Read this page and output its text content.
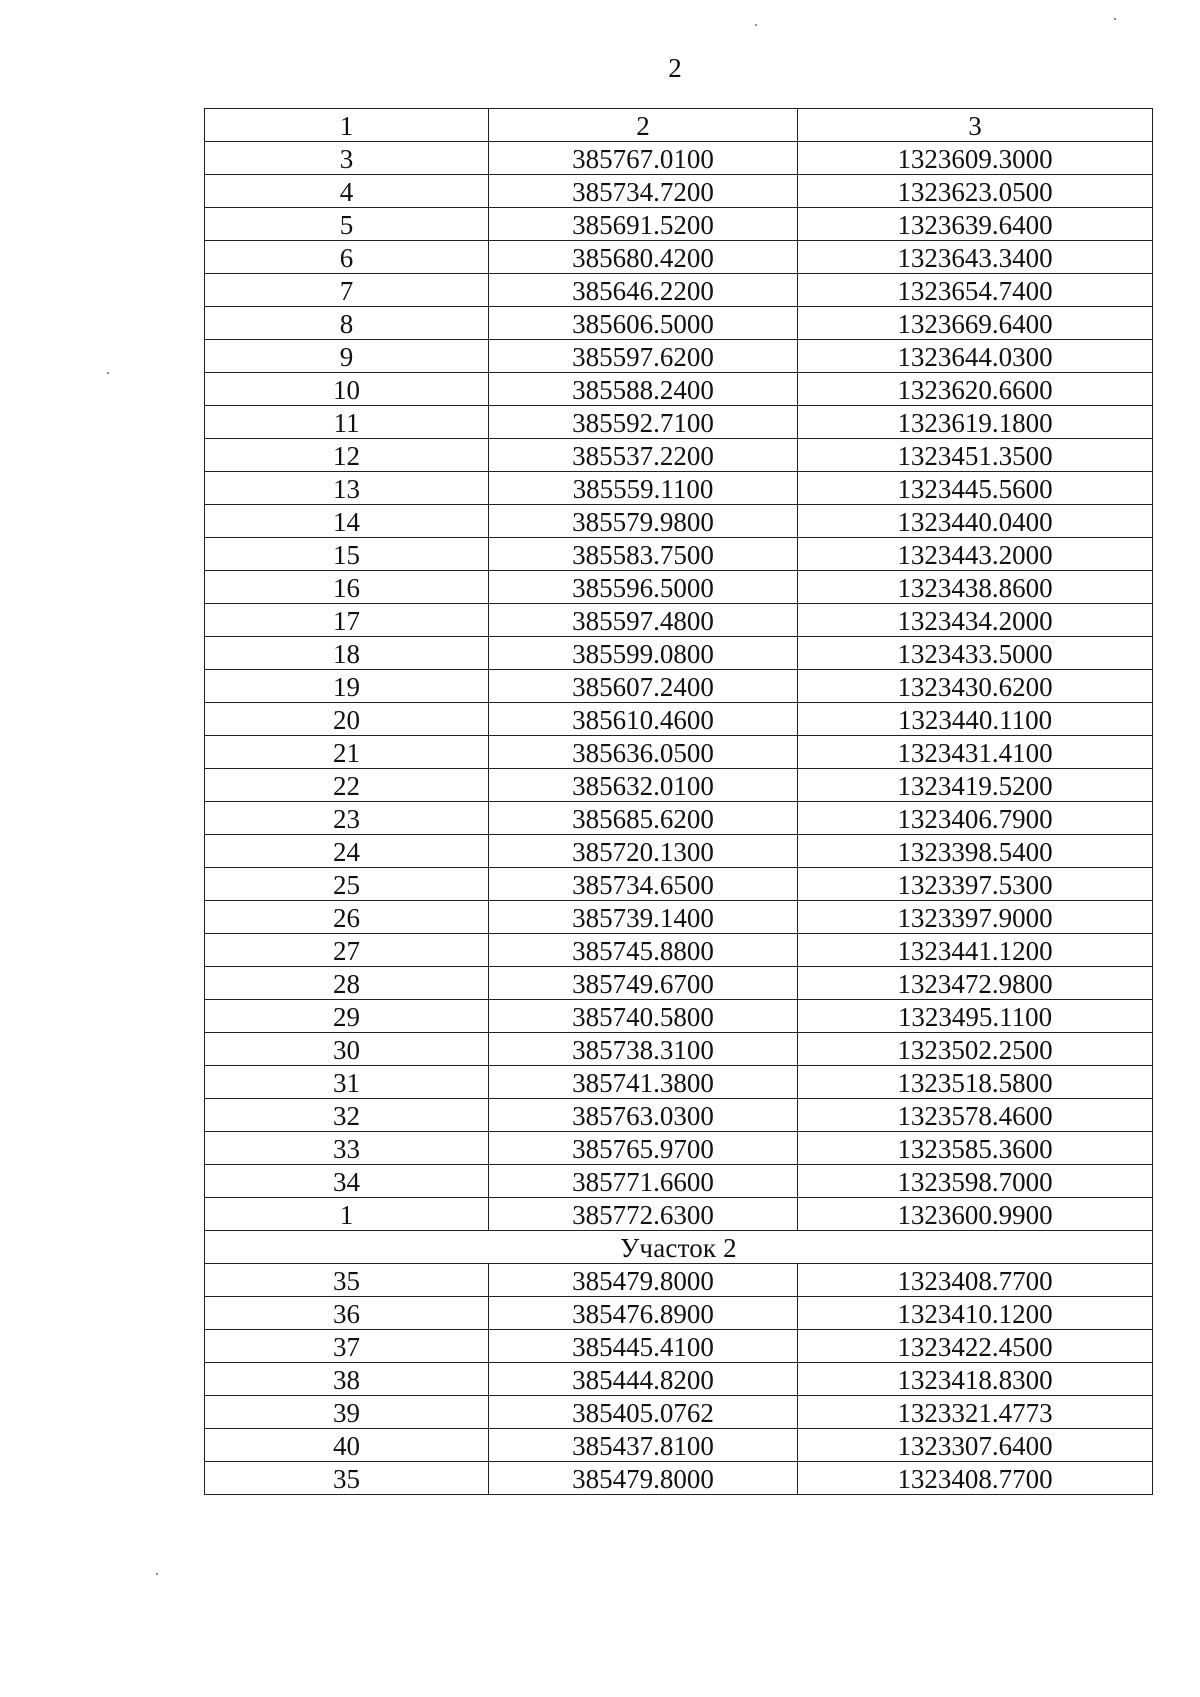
2
1	2	3
3	385767.0100	1323609.3000
4	385734.7200	1323623.0500
5	385691.5200	1323639.6400
6	385680.4200	1323643.3400
7	385646.2200	1323654.7400
8	385606.5000	1323669.6400
9	385597.6200	1323644.0300
10	385588.2400	1323620.6600
11	385592.7100	1323619.1800
12	385537.2200	1323451.3500
13	385559.1100	1323445.5600
14	385579.9800	1323440.0400
15	385583.7500	1323443.2000
16	385596.5000	1323438.8600
17	385597.4800	1323434.2000
18	385599.0800	1323433.5000
19	385607.2400	1323430.6200
20	385610.4600	1323440.1100
21	385636.0500	1323431.4100
22	385632.0100	1323419.5200
23	385685.6200	1323406.7900
24	385720.1300	1323398.5400
25	385734.6500	1323397.5300
26	385739.1400	1323397.9000
27	385745.8800	1323441.1200
28	385749.6700	1323472.9800
29	385740.5800	1323495.1100
30	385738.3100	1323502.2500
31	385741.3800	1323518.5800
32	385763.0300	1323578.4600
33	385765.9700	1323585.3600
34	385771.6600	1323598.7000
1	385772.6300	1323600.9900
Участок 2		
35	385479.8000	1323408.7700
36	385476.8900	1323410.1200
37	385445.4100	1323422.4500
38	385444.8200	1323418.8300
39	385405.0762	1323321.4773
40	385437.8100	1323307.6400
35	385479.8000	1323408.7700
